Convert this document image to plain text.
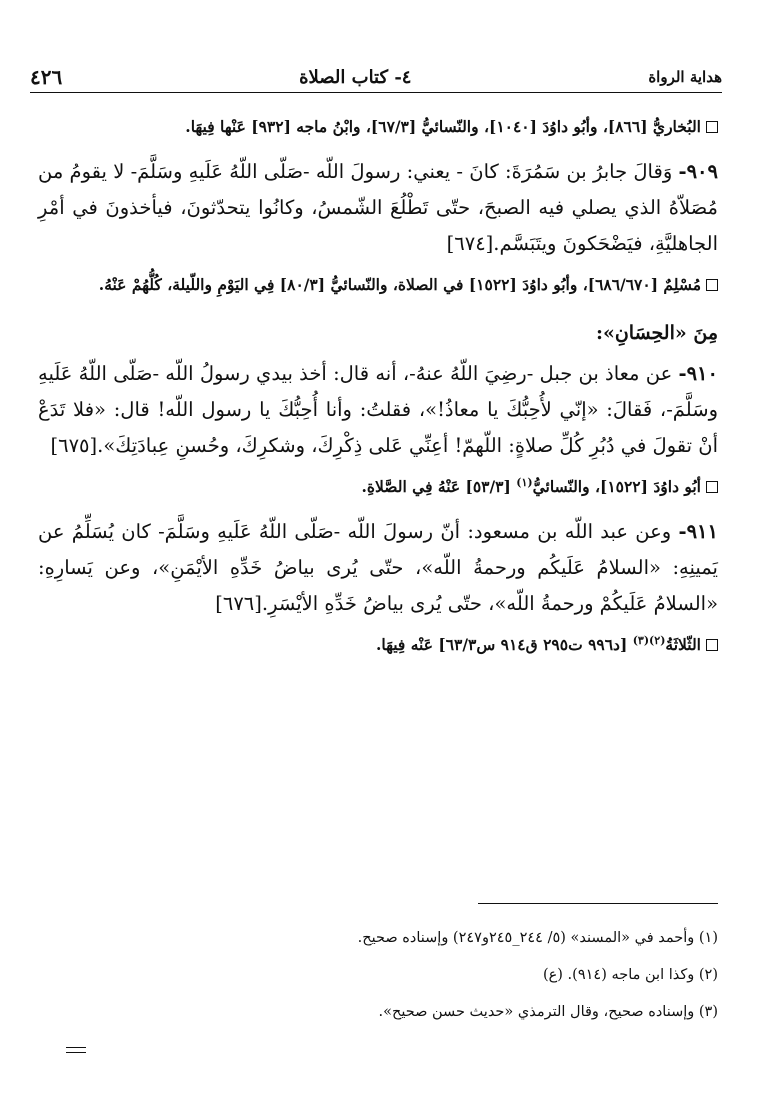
هداية الرواة
٤- كتاب الصلاة
٤٢٦

البُخاريُّ [٨٦٦]، وأبُو داوُدَ [١٠٤٠]، والنّسائيُّ [٦٧/٣]، وابْنُ ماجه [٩٣٢] عَنْها فِيهَا.

٩٠٩- وَقالَ جابرُ بن سَمُرَةَ: كانَ - يعني: رسولَ اللّه -صَلّى اللّهُ عَلَيهِ وسَلَّمَ- لا يقومُ من مُصَلاّهُ الذي يصلي فيه الصبحَ، حتّى تَطْلُعَ الشّمسُ، وكانُوا يتحدّثونَ، فيأخذونَ في أمْرِ الجاهليَّةِ، فيَضْحَكونَ ويتَبَسَّم.[٦٧٤]

مُسْلِمٌ [٦٨٦/٦٧٠]، وأبُو داوُدَ [١٥٢٢] في الصلاة، والنّسائيُّ [٨٠/٣] فِي اليَوْمِ واللّيلة، كُلُّهُمْ عَنْهُ.

مِنَ «الحِسَانِ»:

٩١٠- عن معاذ بن جبل -رضِيَ اللّهُ عنهُ-، أنه قال: أخذ بيدي رسولُ اللّه -صَلّى اللّهُ عَلَيهِ وسَلَّمَ-، فَقالَ: «إنّي لأُحِبُّكَ يا معاذُ!»، فقلتُ: وأنا أُحِبُّكَ يا رسول اللّه! قال: «فلا تَدَعْ أنْ تقولَ في دُبُرِ كُلِّ صلاةٍ: اللّهمّ! أعِنِّي عَلى ذِكْرِكَ، وشكرِكَ، وحُسنِ عِبادَتِكَ».[٦٧٥]

أبُو داوُدَ [١٥٢٢]، والنّسائيُّ$^{(١)}$ [٥٣/٣] عَنْهُ فِي الصَّلاةِ.

٩١١- وعن عبد اللّه بن مسعود: أنّ رسولَ اللّه -صَلّى اللّهُ عَلَيهِ وسَلَّمَ- كان يُسَلِّمُ عن يَمينِهِ: «السلامُ عَلَيكُم ورحمةُ اللّه»، حتّى يُرى بياضُ خَدِّهِ الأيْمَنِ»، وعن يَسارِهِ: «السلامُ عَلَيكُمْ ورحمةُ اللّه»، حتّى يُرى بياضُ خَدِّهِ الأيْسَرِ.[٦٧٦]

الثّلاثَةُ$^{(٢)(٣)}$ [د٩٩٦ ت٢٩٥ ق٩١٤ س٦٣/٣] عَنْه فِيهَا.

(١) وأحمد في «المسند» (٥/ ٢٤٤_٢٤٥و٢٤٧) وإسناده صحيح.

(٢) وكذا ابن ماجه (٩١٤). (ع)

(٣) وإسناده صحيح، وقال الترمذي «حديث حسن صحيح».
